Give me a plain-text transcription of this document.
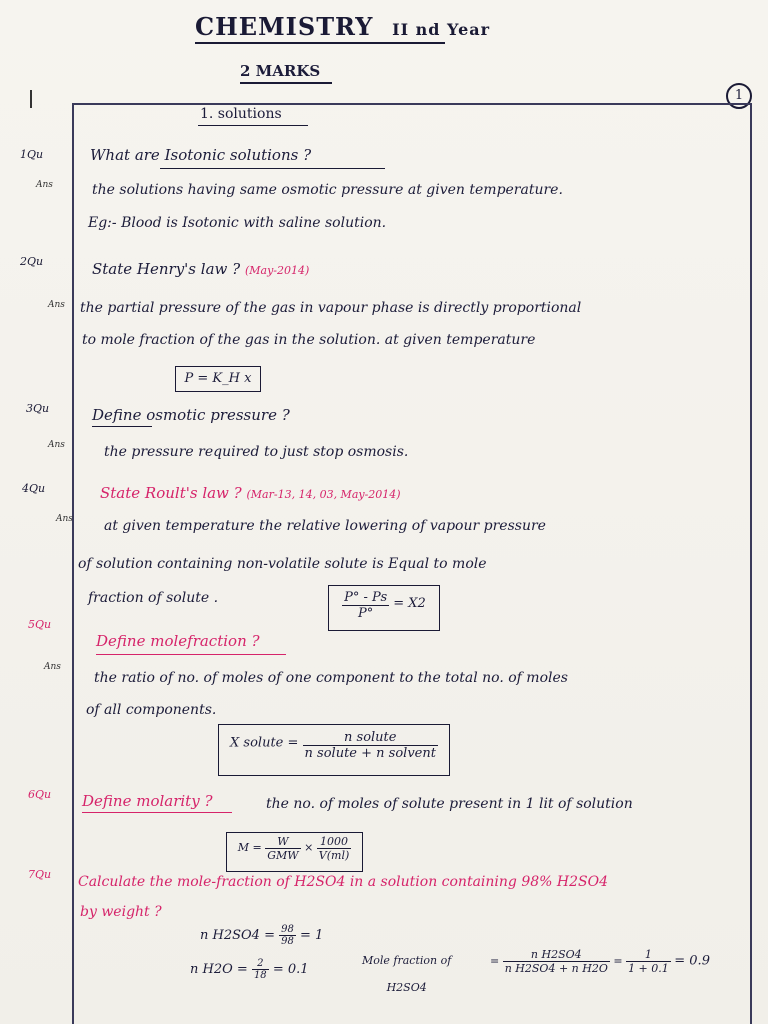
CHEMISTRY II nd Year
2 MARKS
1
1. solutions
1Qu
Ans
What are Isotonic solutions ?
the solutions having same osmotic pressure at given temperature.
Eg:- Blood is Isotonic with saline solution.
2Qu	State Henry's law ? (May-2014)
Ans the partial pressure of the gas in vapour phase is directly proportional
to mole fraction of the gas in the solution. at given temperature
P = K_H x
3Qu	Define osmotic pressure ?
Ans	the pressure required to just stop osmosis.
4Qu	State Roult's law ? (Mar-13, 14, 03, May-2014)
Ans at given temperature the relative lowering of vapour pressure
of solution containing non-volatile solute is Equal to mole
fraction of solute .	$\frac{P^\circ - Ps}{P^\circ} = X2$
5Qu
Define molefraction ?
Ans
the ratio of no. of moles of one component to the total no. of moles
of all components.
X solute = $\frac{\text{n solute}}{\text{n solute + n solvent}}$
6Qu Define molarity ?	the no. of moles of solute present in 1 lit of solution
$M = \frac{W}{\text{GMW}} \times \frac{1000}{V(ml)}$
7Qu Calculate the mole-fraction of H2SO4 in a solution containing 98% H2SO4
by weight ?
n $H2SO4 = \frac{98}{98} = 1$
n $H2O = \frac{2}{18} = 0.1$
Mole fraction of
H2SO4
= $\frac{\text{n H2SO4}}{\text{n H2SO4 + n H2O}} = \frac{1}{1 + 0.1} = 0.9$
